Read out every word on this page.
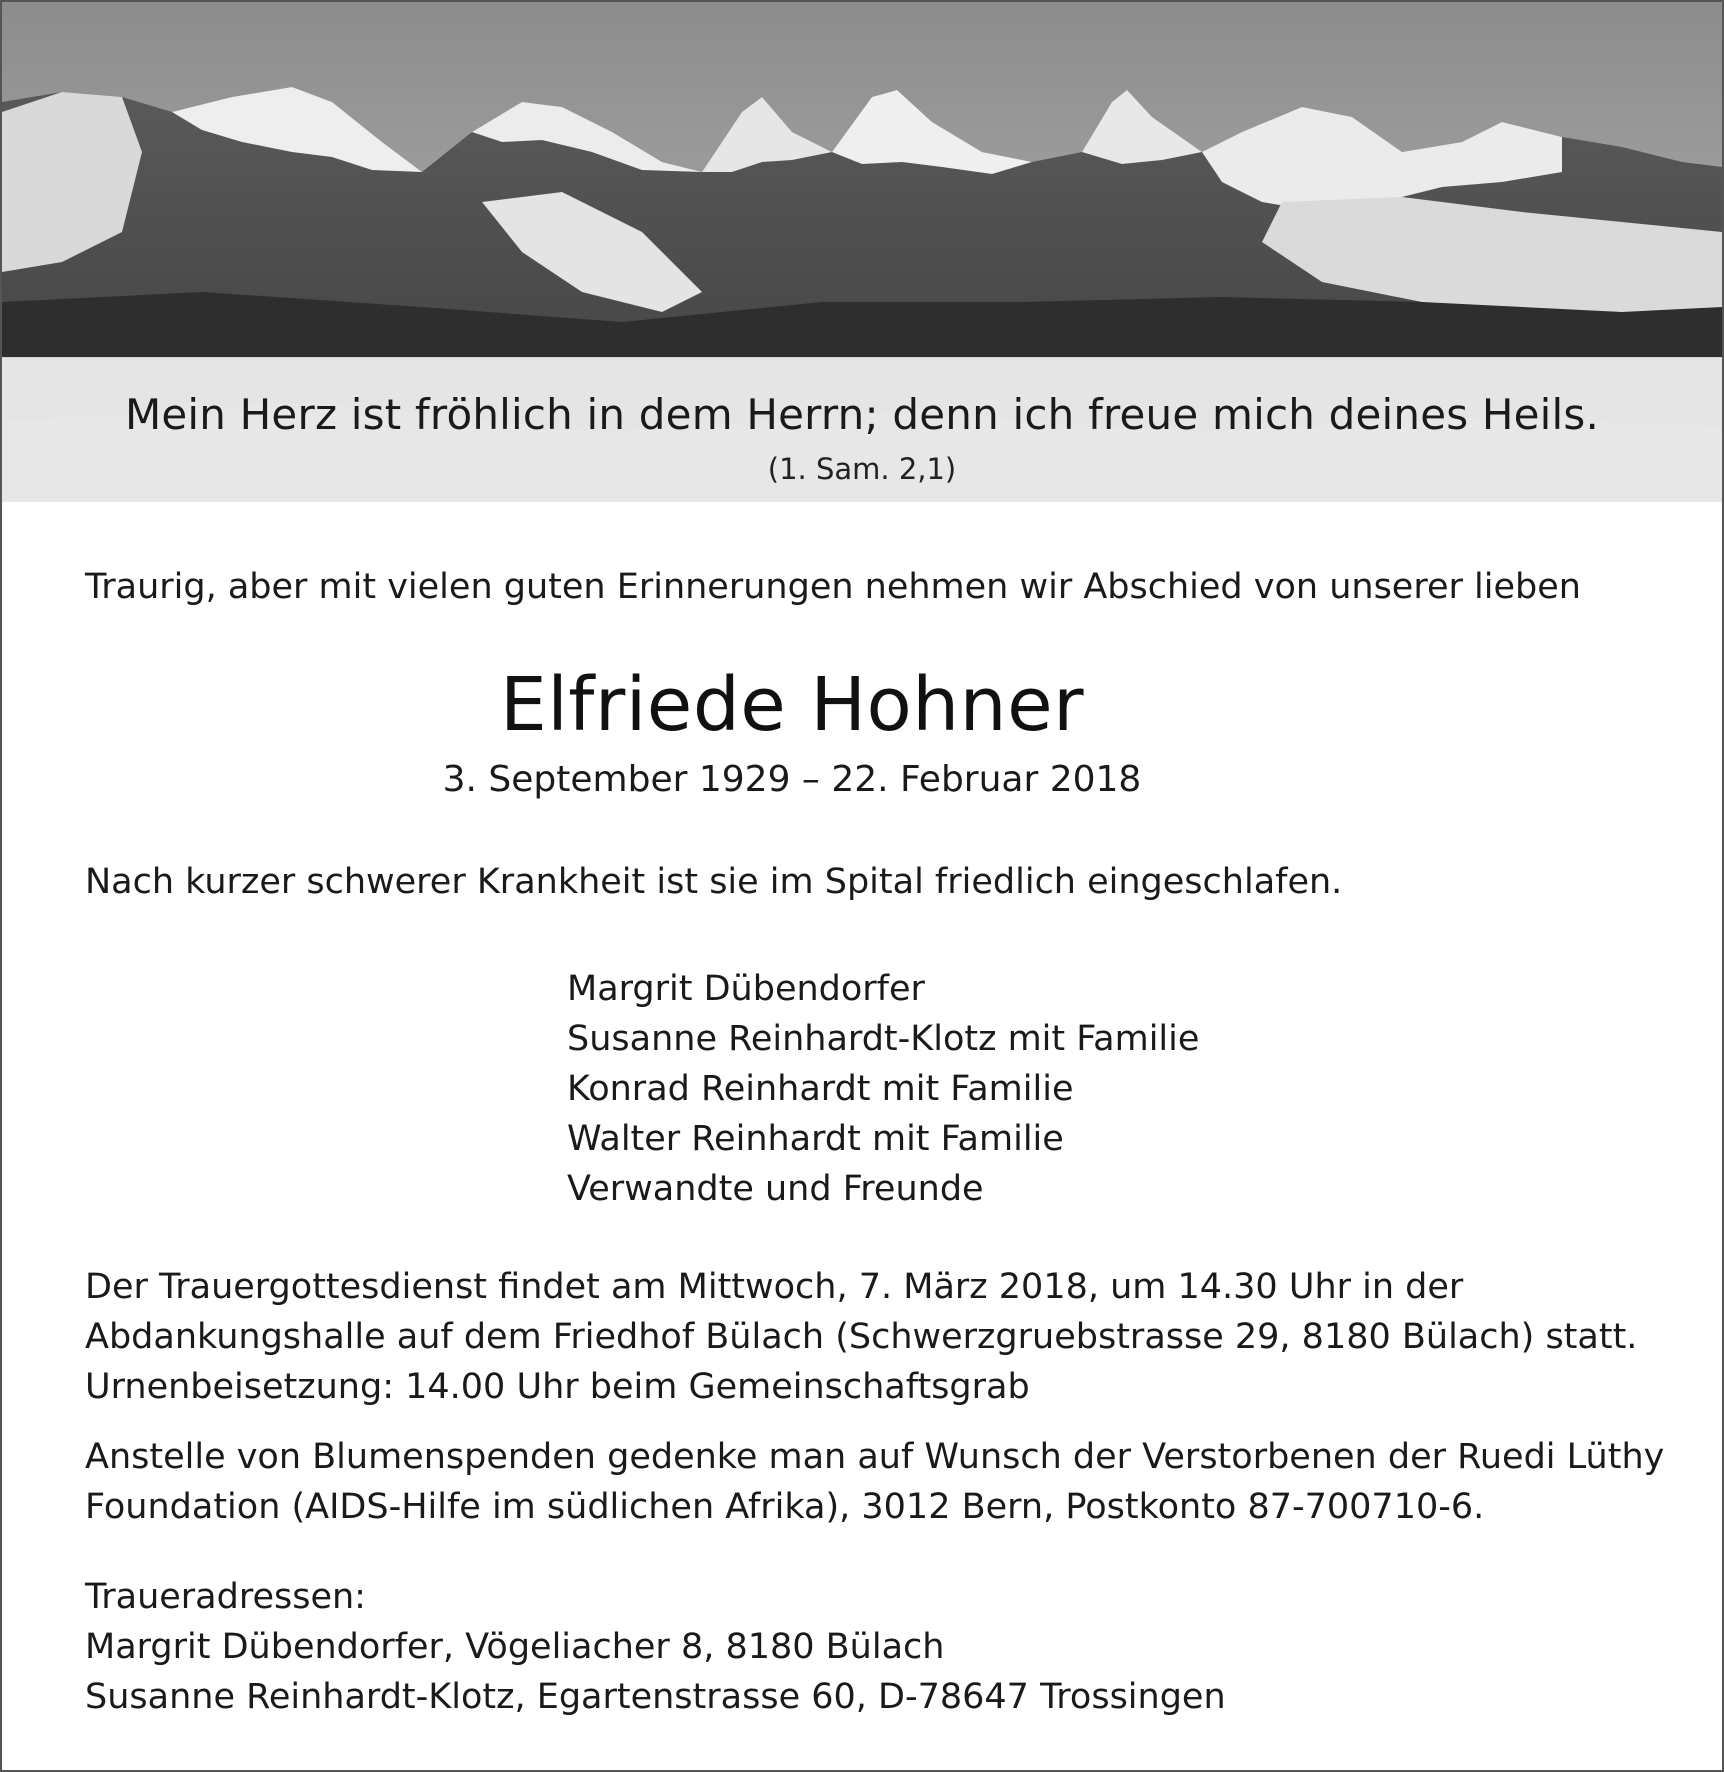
Mein Herz ist fröhlich in dem Herrn; denn ich freue mich deines Heils.
(1. Sam. 2,1)
Traurig, aber mit vielen guten Erinnerungen nehmen wir Abschied von unserer lieben
Elfriede Hohner
3. September 1929 – 22. Februar 2018
Nach kurzer schwerer Krankheit ist sie im Spital friedlich eingeschlafen.
Margrit Dübendorfer
Susanne Reinhardt-Klotz mit Familie
Konrad Reinhardt mit Familie
Walter Reinhardt mit Familie
Verwandte und Freunde
Der Trauergottesdienst findet am Mittwoch, 7. März 2018, um 14.30 Uhr in der
Abdankungshalle auf dem Friedhof Bülach (Schwerzgruebstrasse 29, 8180 Bülach) statt.
Urnenbeisetzung: 14.00 Uhr beim Gemeinschaftsgrab
Anstelle von Blumenspenden gedenke man auf Wunsch der Verstorbenen der Ruedi Lüthy
Foundation (AIDS-Hilfe im südlichen Afrika), 3012 Bern, Postkonto 87-700710-6.
Traueradressen:
Margrit Dübendorfer, Vögeliacher 8, 8180 Bülach
Susanne Reinhardt-Klotz, Egartenstrasse 60, D-78647 Trossingen
